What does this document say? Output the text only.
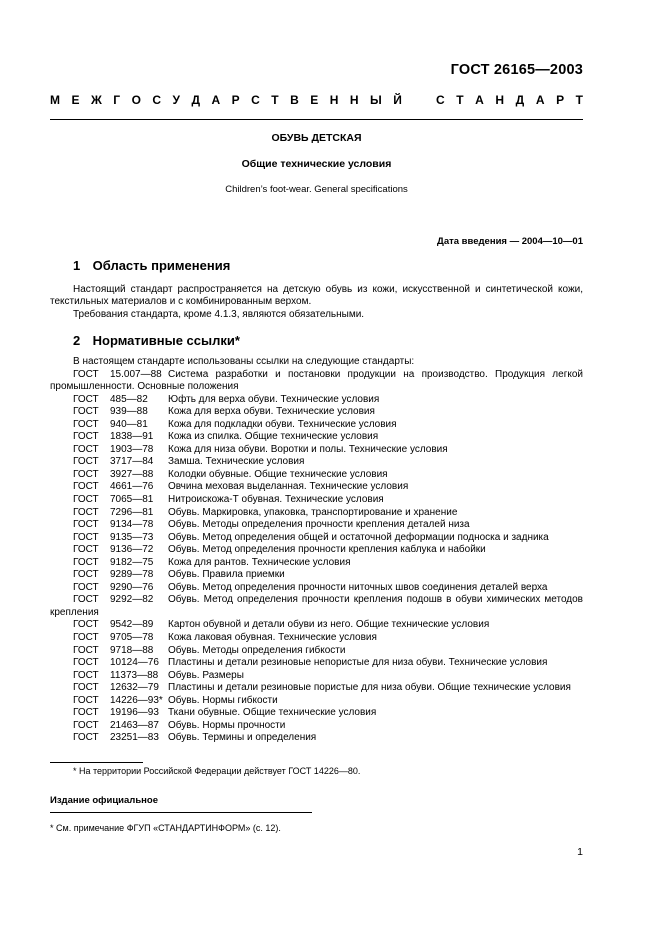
ГОСТ 26165—2003
М Е Ж Г О С У Д А Р С Т В Е Н Н Ы Й	С Т А Н Д А Р Т
ОБУВЬ ДЕТСКАЯ
Общие технические условия
Children’s foot-wear. General specifications
Дата введения — 2004—10—01
1 Область применения

Настоящий стандарт распространяется на детскую обувь из кожи, искусственной и синтетической кожи, текстильных материалов и с комбинированным верхом.

Требования стандарта, кроме 4.1.3, являются обязательными.

2 Нормативные ссылки*

В настоящем стандарте использованы ссылки на следующие стандарты:

ГОСТ 15.007—88 Система разработки и постановки продукции на производство. Продукция легкой промышленности. Основные положения
ГОСТ 485—82	Юфть для верха обуви. Технические условия
ГОСТ 939—88	Кожа для верха обуви. Технические условия
ГОСТ 940—81	Кожа для подкладки обуви. Технические условия
ГОСТ 1838—91	Кожа из спилка. Общие технические условия
ГОСТ 1903—78	Кожа для низа обуви. Воротки и полы. Технические условия
ГОСТ 3717—84	Замша. Технические условия
ГОСТ 3927—88	Колодки обувные. Общие технические условия
ГОСТ 4661—76	Овчина меховая выделанная. Технические условия
ГОСТ 7065—81	Нитроискожа-Т обувная. Технические условия
ГОСТ 7296—81	Обувь. Маркировка, упаковка, транспортирование и хранение
ГОСТ 9134—78	Обувь. Методы определения прочности крепления деталей низа
ГОСТ 9135—73	Обувь. Метод определения общей и остаточной деформации подноска и задника
ГОСТ 9136—72	Обувь. Метод определения прочности крепления каблука и набойки
ГОСТ 9182—75	Кожа для рантов. Технические условия
ГОСТ 9289—78	Обувь. Правила приемки
ГОСТ 9290—76	Обувь. Метод определения прочности ниточных швов соединения деталей верха
ГОСТ 9292—82 Обувь. Метод определения прочности крепления подошв в обуви химических методов крепления
ГОСТ 9542—89	Картон обувной и детали обуви из него. Общие технические условия
ГОСТ 9705—78	Кожа лаковая обувная. Технические условия
ГОСТ 9718—88	Обувь. Методы определения гибкости
ГОСТ 10124—76 Пластины и детали резиновые непористые для низа обуви. Технические условия
ГОСТ 11373—88 Обувь. Размеры
ГОСТ 12632—79 Пластины и детали резиновые пористые для низа обуви. Общие технические условия
ГОСТ 14226—93* Обувь. Нормы гибкости
ГОСТ 19196—93 Ткани обувные. Общие технические условия
ГОСТ 21463—87 Обувь. Нормы прочности
ГОСТ 23251—83 Обувь. Термины и определения
* На территории Российской Федерации действует ГОСТ 14226—80.
Издание официальное
* См. примечание ФГУП «СТАНДАРТИНФОРМ» (с. 12).
1
